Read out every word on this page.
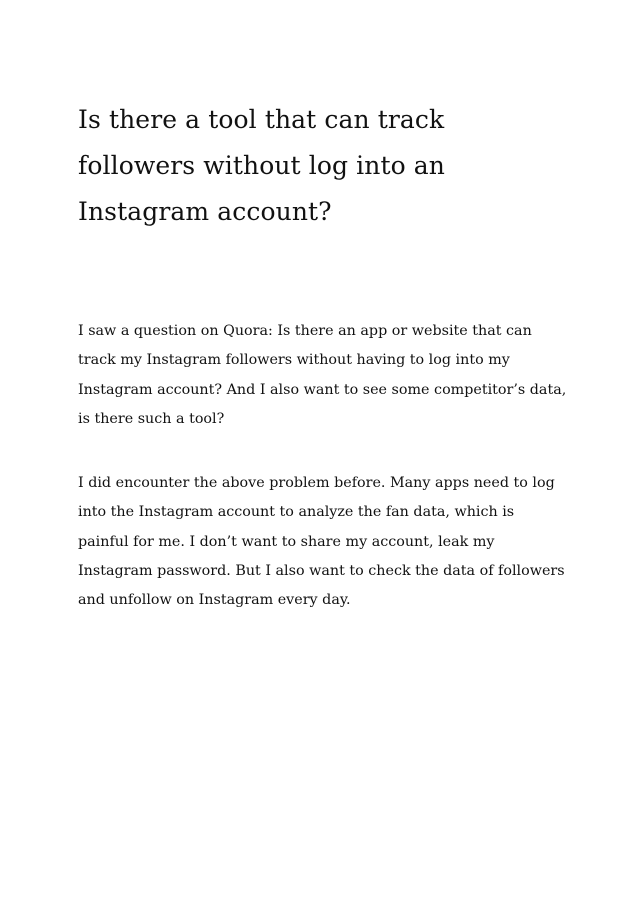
Is there a tool that can track followers without log into an Instagram account?

I saw a question on Quora: Is there an app or website that can track my Instagram followers without having to log into my Instagram account? And I also want to see some competitor’s data, is there such a tool?

I did encounter the above problem before. Many apps need to log into the Instagram account to analyze the fan data, which is painful for me. I don’t want to share my account, leak my Instagram password. But I also want to check the data of followers and unfollow on Instagram every day.
